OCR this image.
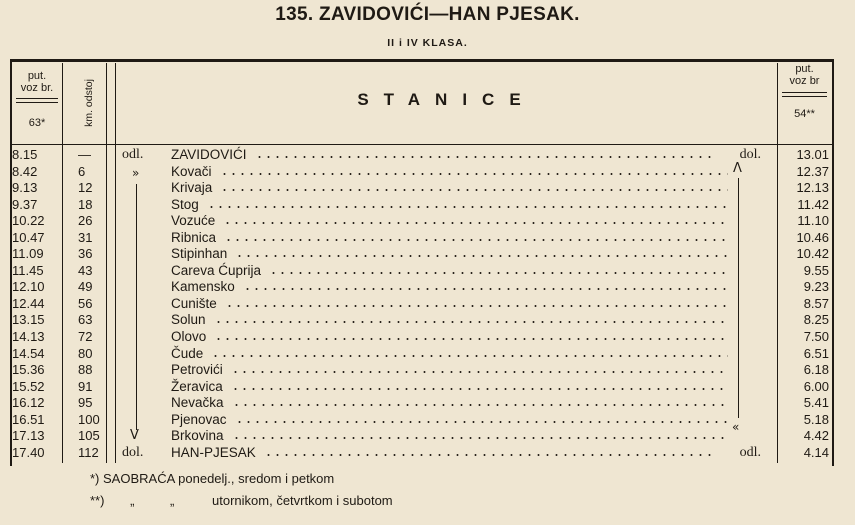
135. ZAVIDOVIĆI—HAN PJESAK.
II i IV KLASA.
put.
voz br.
63*	km. odstoj	STANICE
put.
voz br
54**
8.15	—	odl.	ZAVIDOVIĆI	dol.	13.01
8.42	6	Kovači	12.37
9.13	12	Krivaja	12.13
9.37	18	Stog	11.42
10.22	26	Vozuće	11.10
10.47	31	Ribnica	10.46
11.09	36	Stipinhan	10.42
11.45	43	Careva Ćuprija	9.55
12.10	49	Kamensko	9.23
12.44	56	Cunište	8.57
13.15	63	Solun	8.25
14.13	72	Olovo	7.50
14.54	80	Čude	6.51
15.36	88	Petrovići	6.18
15.52	91	Žeravica	6.00
16.12	95	Nevačka	5.41
16.51	100	Pjenovac	5.18
17.13	105	Brkovina	4.42
17.40	112	dol.	HAN-PJESAK	odl.	4.14
»
V
Λ
«
*) SAOBRAĆA ponedelj., sredom i petkom
**) „	„	utornikom, četvrtkom i subotom
